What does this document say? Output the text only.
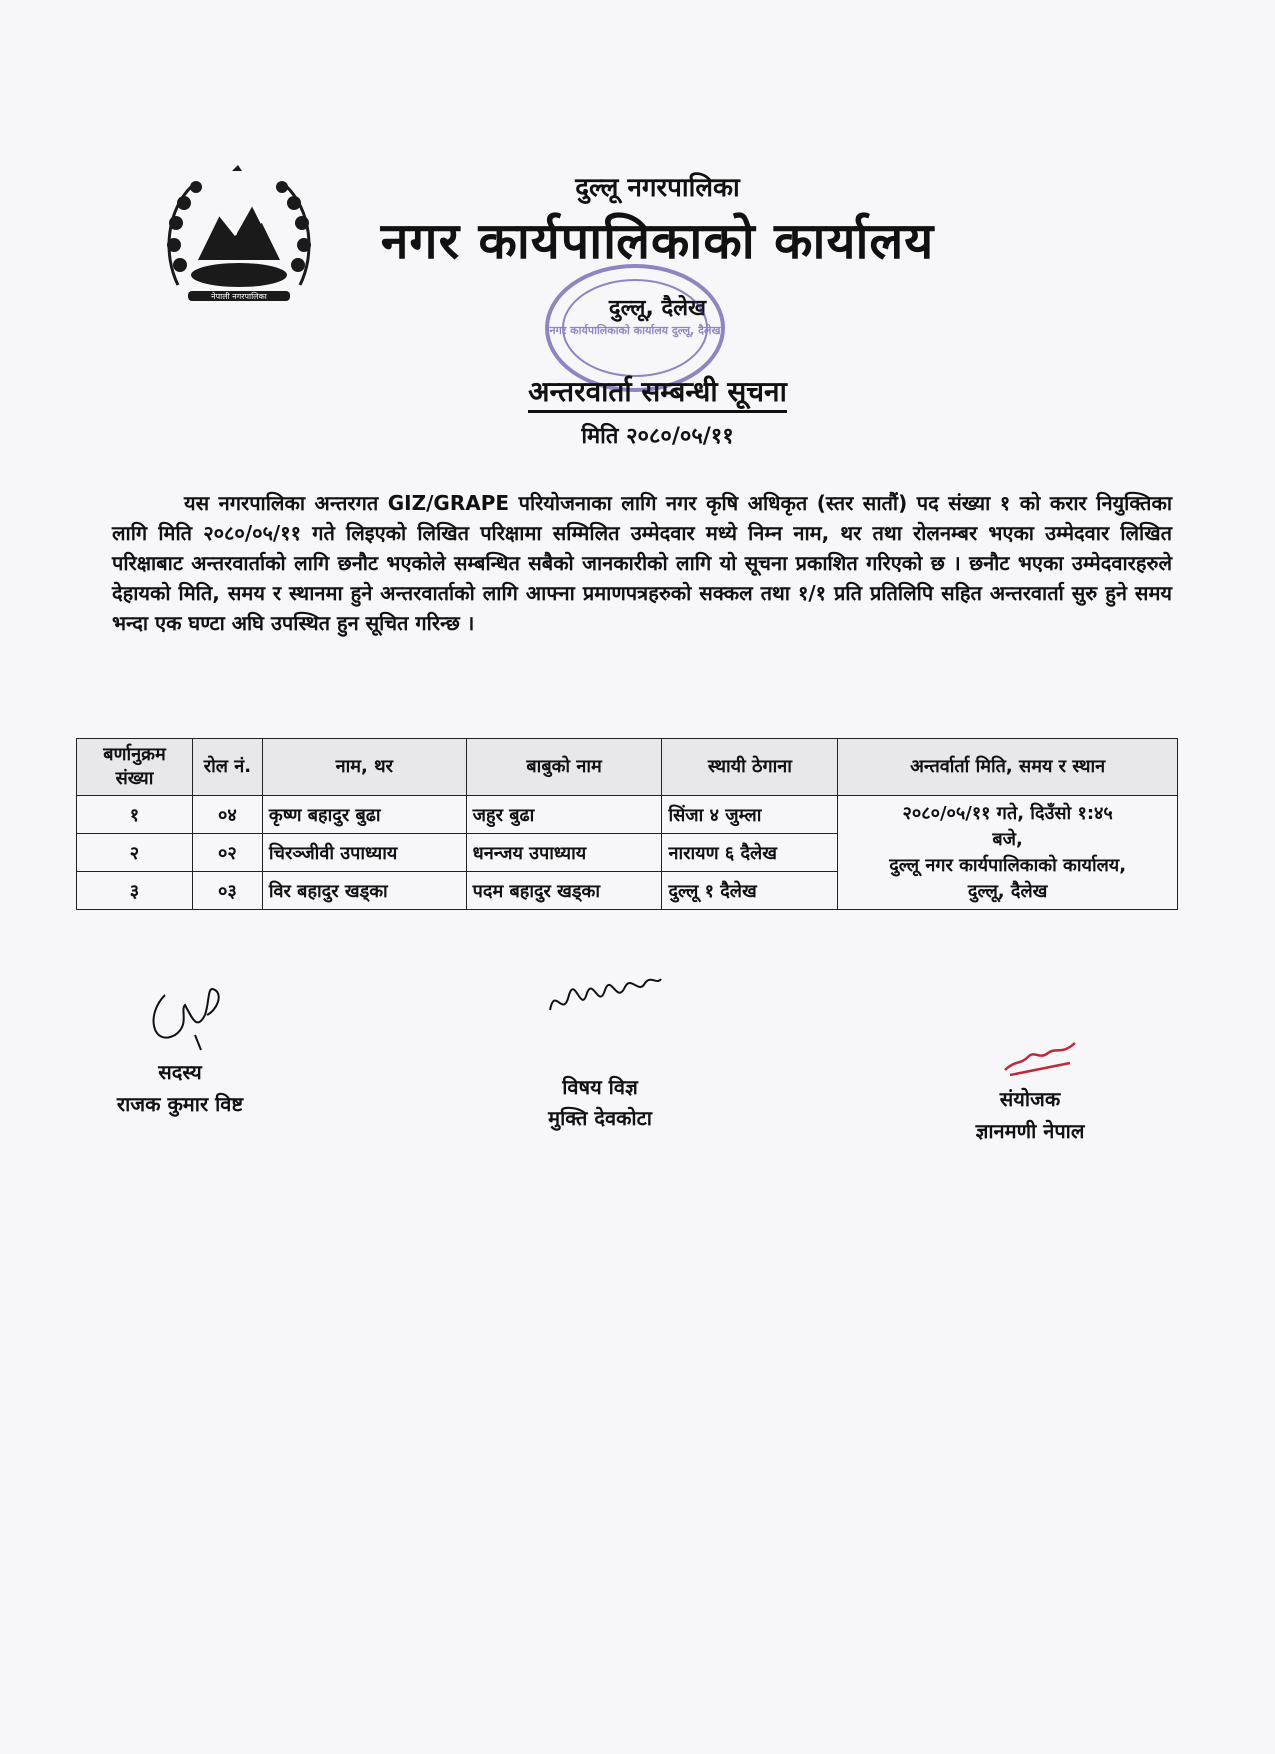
नेपाली नगरपालिका
दुल्लू नगरपालिका
नगर कार्यपालिकाको कार्यालय
दुल्लू, दैलेख
नगर कार्यपालिकाको कार्यालय दुल्लू, दैलेख
अन्तरवार्ता सम्बन्धी सूचना
मिति २०८०/०५/११
यस नगरपालिका अन्तरगत GIZ/GRAPE परियोजनाका लागि नगर कृषि अधिकृत (स्तर सातौं) पद संख्या १ को करार नियुक्तिका लागि मिति २०८०/०५/११ गते लिइएको लिखित परिक्षामा सम्मिलित उम्मेदवार मध्ये निम्न नाम, थर तथा रोलनम्बर भएका उम्मेदवार लिखित परिक्षाबाट अन्तरवार्ताको लागि छनौट भएकोले सम्बन्धित सबैको जानकारीको लागि यो सूचना प्रकाशित गरिएको छ । छनौट भएका उम्मेदवारहरुले देहायको मिति, समय र स्थानमा हुने अन्तरवार्ताको लागि आफ्ना प्रमाणपत्रहरुको सक्कल तथा १/१ प्रति प्रतिलिपि सहित अन्तरवार्ता सुरु हुने समय भन्दा एक घण्टा अघि उपस्थित हुन सूचित गरिन्छ ।
बर्णानुक्रम संख्या	रोल नं.	नाम, थर	बाबुको नाम	स्थायी ठेगाना	अन्तर्वार्ता मिति, समय र स्थान
१	०४	कृष्ण बहादुर बुढा	जहुर बुढा	सिंजा ४ जुम्ला	२०८०/०५/११ गते, दिउँसो १:४५
बजे,
दुल्लू नगर कार्यपालिकाको कार्यालय,
दुल्लू, दैलेख

२	०२	चिरञ्जीवी उपाध्याय	धनन्जय उपाध्याय	नारायण ६ दैलेख	
३	०३	विर बहादुर खड्का	पदम बहादुर खड्का	दुल्लू १ दैलेख	
सदस्य
राजक कुमार विष्ट
विषय विज्ञ
मुक्ति देवकोटा
संयोजक
ज्ञानमणी नेपाल
